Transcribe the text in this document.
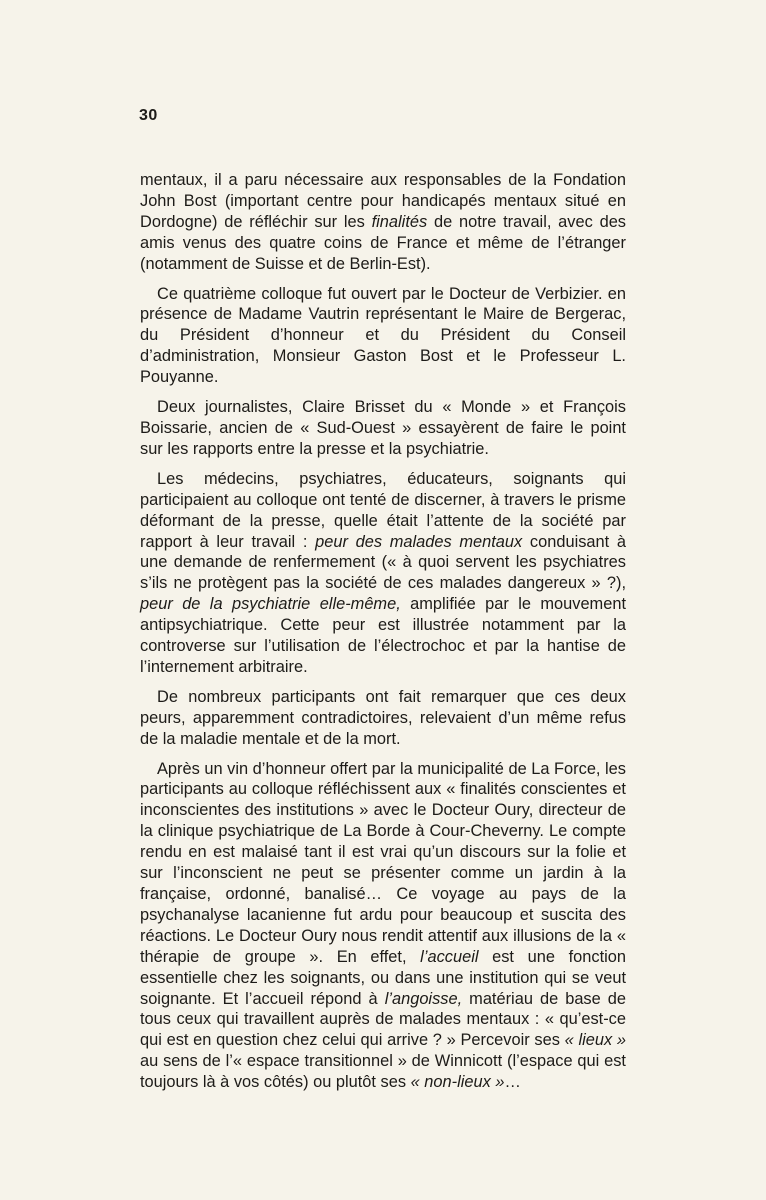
30

mentaux, il a paru nécessaire aux responsables de la Fondation John Bost (important centre pour handicapés mentaux situé en Dordogne) de réfléchir sur les finalités de notre travail, avec des amis venus des quatre coins de France et même de l’étranger (notamment de Suisse et de Berlin-Est).

Ce quatrième colloque fut ouvert par le Docteur de Verbizier. en présence de Madame Vautrin représentant le Maire de Bergerac, du Président d’honneur et du Président du Conseil d’administration, Monsieur Gaston Bost et le Professeur L. Pouyanne.

Deux journalistes, Claire Brisset du « Monde » et François Boissarie, ancien de « Sud-Ouest » essayèrent de faire le point sur les rapports entre la presse et la psychiatrie.

Les médecins, psychiatres, éducateurs, soignants qui participaient au colloque ont tenté de discerner, à travers le prisme déformant de la presse, quelle était l’attente de la société par rapport à leur travail : peur des malades mentaux conduisant à une demande de renfermement (« à quoi servent les psychiatres s’ils ne protègent pas la société de ces malades dangereux » ?), peur de la psychiatrie elle-même, amplifiée par le mouvement antipsychiatrique. Cette peur est illustrée notamment par la controverse sur l’utilisation de l’électrochoc et par la hantise de l’internement arbitraire.

De nombreux participants ont fait remarquer que ces deux peurs, apparemment contradictoires, relevaient d’un même refus de la maladie mentale et de la mort.

Après un vin d’honneur offert par la municipalité de La Force, les participants au colloque réfléchissent aux « finalités conscientes et inconscientes des institutions » avec le Docteur Oury, directeur de la clinique psychiatrique de La Borde à Cour-Cheverny. Le compte rendu en est malaisé tant il est vrai qu’un discours sur la folie et sur l’inconscient ne peut se présenter comme un jardin à la française, ordonné, banalisé… Ce voyage au pays de la psychanalyse lacanienne fut ardu pour beaucoup et suscita des réactions. Le Docteur Oury nous rendit attentif aux illusions de la « thérapie de groupe ». En effet, l’accueil est une fonction essentielle chez les soignants, ou dans une institution qui se veut soignante. Et l’accueil répond à l’angoisse, matériau de base de tous ceux qui travaillent auprès de malades mentaux : « qu’est-ce qui est en question chez celui qui arrive ? » Percevoir ses « lieux » au sens de l’« espace transitionnel » de Winnicott (l’espace qui est toujours là à vos côtés) ou plutôt ses « non-lieux »…
